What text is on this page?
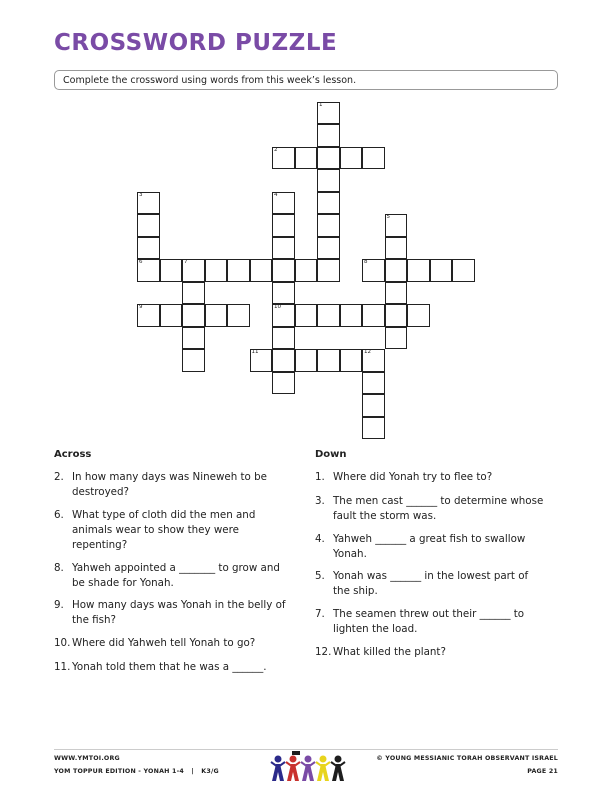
CROSSWORD PUZZLE
Complete the crossword using words from this week’s lesson.
2
6	7	8
9	10
11	12
1
3	4
5
Across
2. In how many days was Nineweh to be destroyed?
6. What type of cloth did the men and animals wear to show they were repenting?
8. Yahweh appointed a _______ to grow and be shade for Yonah.
9. How many days was Yonah in the belly of the fish?
10. Where did Yahweh tell Yonah to go?
11. Yonah told them that he was a ______.
Down
1. Where did Yonah try to flee to?
3. The men cast ______ to determine whose fault the storm was.
4. Yahweh ______ a great fish to swallow Yonah.
5. Yonah was ______ in the lowest part of the ship.
7. The seamen threw out their ______ to lighten the load.
12. What killed the plant?
WWW.YMTOI.ORG
YOM TOPPUR EDITION - YONAH 1-4 | K3/G
© YOUNG MESSIANIC TORAH OBSERVANT ISRAEL
PAGE 21
